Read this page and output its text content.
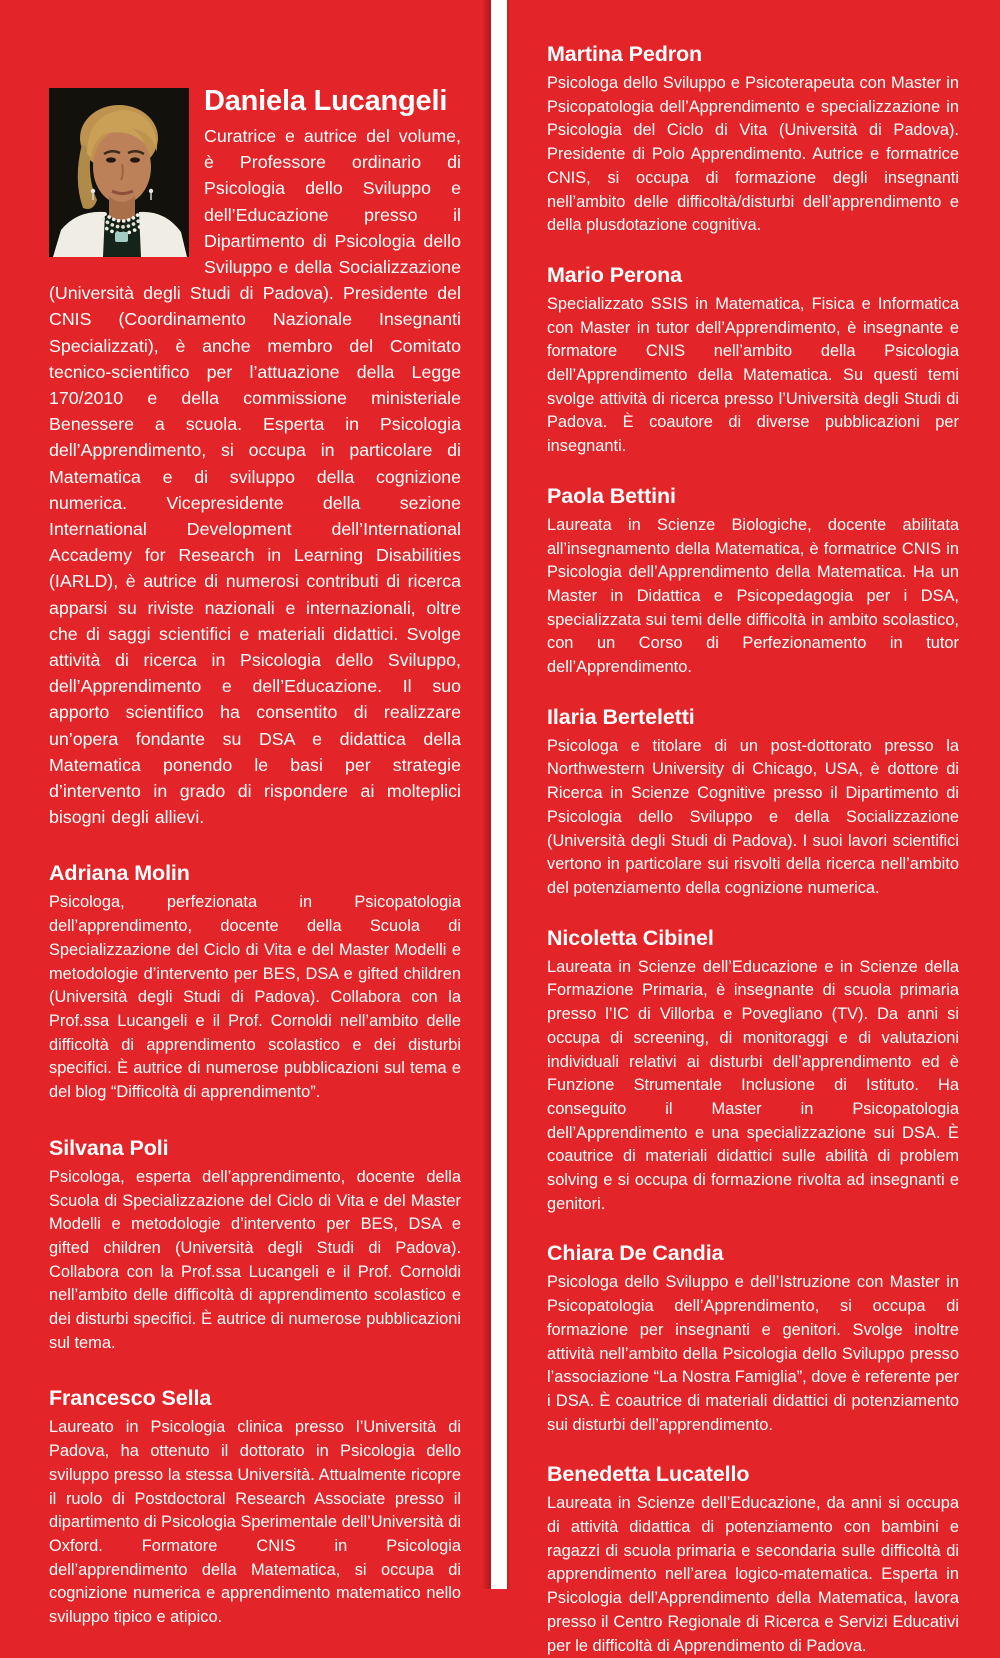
Daniela Lucangeli

Curatrice e autrice del volume, è Professore ordinario di Psicologia dello Sviluppo e dell’Educazione presso il Dipartimento di Psicologia dello Sviluppo e della Socializzazione (Università degli Studi di Padova). Presidente del CNIS (Coordinamento Nazionale Insegnanti Specializzati), è anche membro del Comitato tecnico-scientifico per l’attuazione della Legge 170/2010 e della commissione ministeriale Benessere a scuola. Esperta in Psicologia dell’Apprendimento, si occupa in particolare di Matematica e di sviluppo della cognizione numerica. Vicepresidente della sezione International Development dell’International Accademy for Research in Learning Disabilities (IARLD), è autrice di numerosi contributi di ricerca apparsi su riviste nazionali e internazionali, oltre che di saggi scientifici e materiali didattici. Svolge attività di ricerca in Psicologia dello Sviluppo, dell’Apprendimento e dell’Educazione. Il suo apporto scientifico ha consentito di realizzare un’opera fondante su DSA e didattica della Matematica ponendo le basi per strategie d’intervento in grado di rispondere ai molteplici bisogni degli allievi.

Adriana Molin

Psicologa, perfezionata in Psicopatologia dell’apprendimento, docente della Scuola di Specializzazione del Ciclo di Vita e del Master Modelli e metodologie d’intervento per BES, DSA e gifted children (Università degli Studi di Padova). Collabora con la Prof.ssa Lucangeli e il Prof. Cornoldi nell’ambito delle difficoltà di apprendimento scolastico e dei disturbi specifici. È autrice di numerose pubblicazioni sul tema e del blog “Difficoltà di apprendimento”.

Silvana Poli

Psicologa, esperta dell’apprendimento, docente della Scuola di Specializzazione del Ciclo di Vita e del Master Modelli e metodologie d’intervento per BES, DSA e gifted children (Università degli Studi di Padova). Collabora con la Prof.ssa Lucangeli e il Prof. Cornoldi nell’ambito delle difficoltà di apprendimento scolastico e dei disturbi specifici. È autrice di numerose pubblicazioni sul tema.

Francesco Sella

Laureato in Psicologia clinica presso l’Università di Padova, ha ottenuto il dottorato in Psicologia dello sviluppo presso la stessa Università. Attualmente ricopre il ruolo di Postdoctoral Research Associate presso il dipartimento di Psicologia Sperimentale dell’Università di Oxford. Formatore CNIS in Psicologia dell’apprendimento della Matematica, si occupa di cognizione numerica e apprendimento matematico nello sviluppo tipico e atipico.

Martina Pedron

Psicologa dello Sviluppo e Psicoterapeuta con Master in Psicopatologia dell’Apprendimento e specializzazione in Psicologia del Ciclo di Vita (Università di Padova). Presidente di Polo Apprendimento. Autrice e formatrice CNIS, si occupa di formazione degli insegnanti nell’ambito delle difficoltà/disturbi dell’apprendimento e della plusdotazione cognitiva.

Mario Perona

Specializzato SSIS in Matematica, Fisica e Informatica con Master in tutor dell’Apprendimento, è insegnante e formatore CNIS nell’ambito della Psicologia dell’Apprendimento della Matematica. Su questi temi svolge attività di ricerca presso l’Università degli Studi di Padova. È coautore di diverse pubblicazioni per insegnanti.

Paola Bettini

Laureata in Scienze Biologiche, docente abilitata all’insegnamento della Matematica, è formatrice CNIS in Psicologia dell’Apprendimento della Matematica. Ha un Master in Didattica e Psicopedagogia per i DSA, specializzata sui temi delle difficoltà in ambito scolastico, con un Corso di Perfezionamento in tutor dell’Apprendimento.

Ilaria Berteletti

Psicologa e titolare di un post-dottorato presso la Northwestern University di Chicago, USA, è dottore di Ricerca in Scienze Cognitive presso il Dipartimento di Psicologia dello Sviluppo e della Socializzazione (Università degli Studi di Padova). I suoi lavori scientifici vertono in particolare sui risvolti della ricerca nell’ambito del potenziamento della cognizione numerica.

Nicoletta Cibinel

Laureata in Scienze dell’Educazione e in Scienze della Formazione Primaria, è insegnante di scuola primaria presso l’IC di Villorba e Povegliano (TV). Da anni si occupa di screening, di monitoraggi e di valutazioni individuali relativi ai disturbi dell’apprendimento ed è Funzione Strumentale Inclusione di Istituto. Ha conseguito il Master in Psicopatologia dell’Apprendimento e una specializzazione sui DSA. È coautrice di materiali didattici sulle abilità di problem solving e si occupa di formazione rivolta ad insegnanti e genitori.

Chiara De Candia

Psicologa dello Sviluppo e dell’Istruzione con Master in Psicopatologia dell’Apprendimento, si occupa di formazione per insegnanti e genitori. Svolge inoltre attività nell’ambito della Psicologia dello Sviluppo presso l’associazione “La Nostra Famiglia”, dove è referente per i DSA. È coautrice di materiali didattici di potenziamento sui disturbi dell’apprendimento.

Benedetta Lucatello

Laureata in Scienze dell’Educazione, da anni si occupa di attività didattica di potenziamento con bambini e ragazzi di scuola primaria e secondaria sulle difficoltà di apprendimento nell’area logico-matematica. Esperta in Psicologia dell’Apprendimento della Matematica, lavora presso il Centro Regionale di Ricerca e Servizi Educativi per le difficoltà di Apprendimento di Padova.
